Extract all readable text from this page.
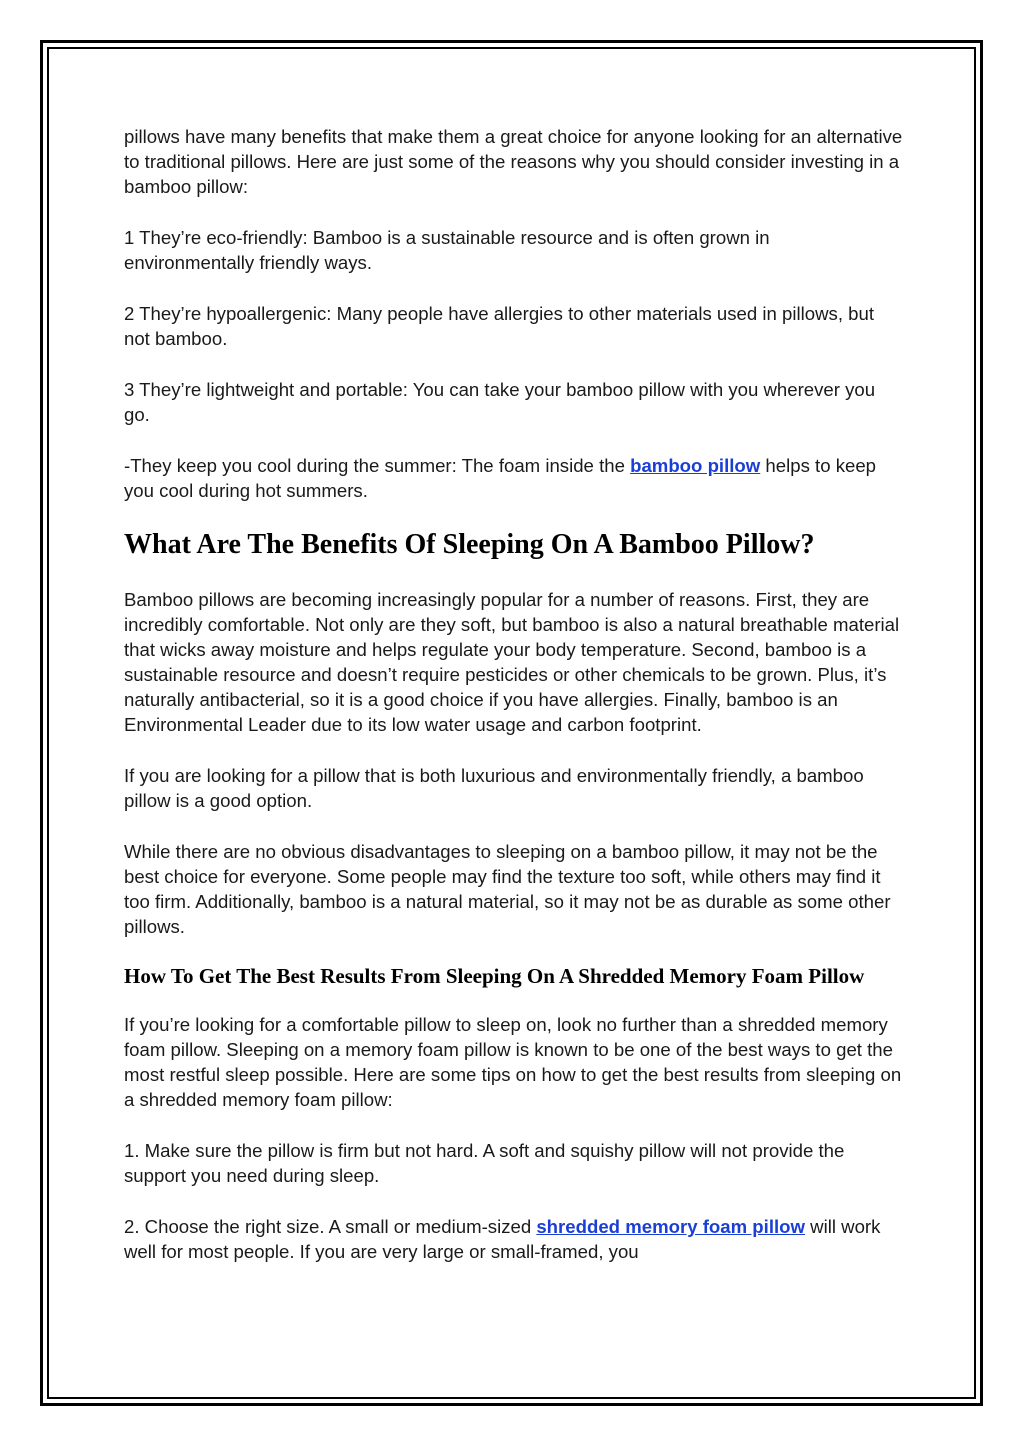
pillows have many benefits that make them a great choice for anyone looking for an alternative to traditional pillows. Here are just some of the reasons why you should consider investing in a bamboo pillow:

1 They’re eco-friendly: Bamboo is a sustainable resource and is often grown in environmentally friendly ways.

2 They’re hypoallergenic: Many people have allergies to other materials used in pillows, but not bamboo.

3 They’re lightweight and portable: You can take your bamboo pillow with you wherever you go.

-They keep you cool during the summer: The foam inside the bamboo pillow helps to keep you cool during hot summers.

What Are The Benefits Of Sleeping On A Bamboo Pillow?

Bamboo pillows are becoming increasingly popular for a number of reasons. First, they are incredibly comfortable. Not only are they soft, but bamboo is also a natural breathable material that wicks away moisture and helps regulate your body temperature. Second, bamboo is a sustainable resource and doesn’t require pesticides or other chemicals to be grown. Plus, it’s naturally antibacterial, so it is a good choice if you have allergies. Finally, bamboo is an Environmental Leader due to its low water usage and carbon footprint.

If you are looking for a pillow that is both luxurious and environmentally friendly, a bamboo pillow is a good option.

While there are no obvious disadvantages to sleeping on a bamboo pillow, it may not be the best choice for everyone. Some people may find the texture too soft, while others may find it too firm. Additionally, bamboo is a natural material, so it may not be as durable as some other pillows.

How To Get The Best Results From Sleeping On A Shredded Memory Foam Pillow

If you’re looking for a comfortable pillow to sleep on, look no further than a shredded memory foam pillow. Sleeping on a memory foam pillow is known to be one of the best ways to get the most restful sleep possible. Here are some tips on how to get the best results from sleeping on a shredded memory foam pillow:

1. Make sure the pillow is firm but not hard. A soft and squishy pillow will not provide the support you need during sleep.

2. Choose the right size. A small or medium-sized shredded memory foam pillow will work well for most people. If you are very large or small-framed, you
